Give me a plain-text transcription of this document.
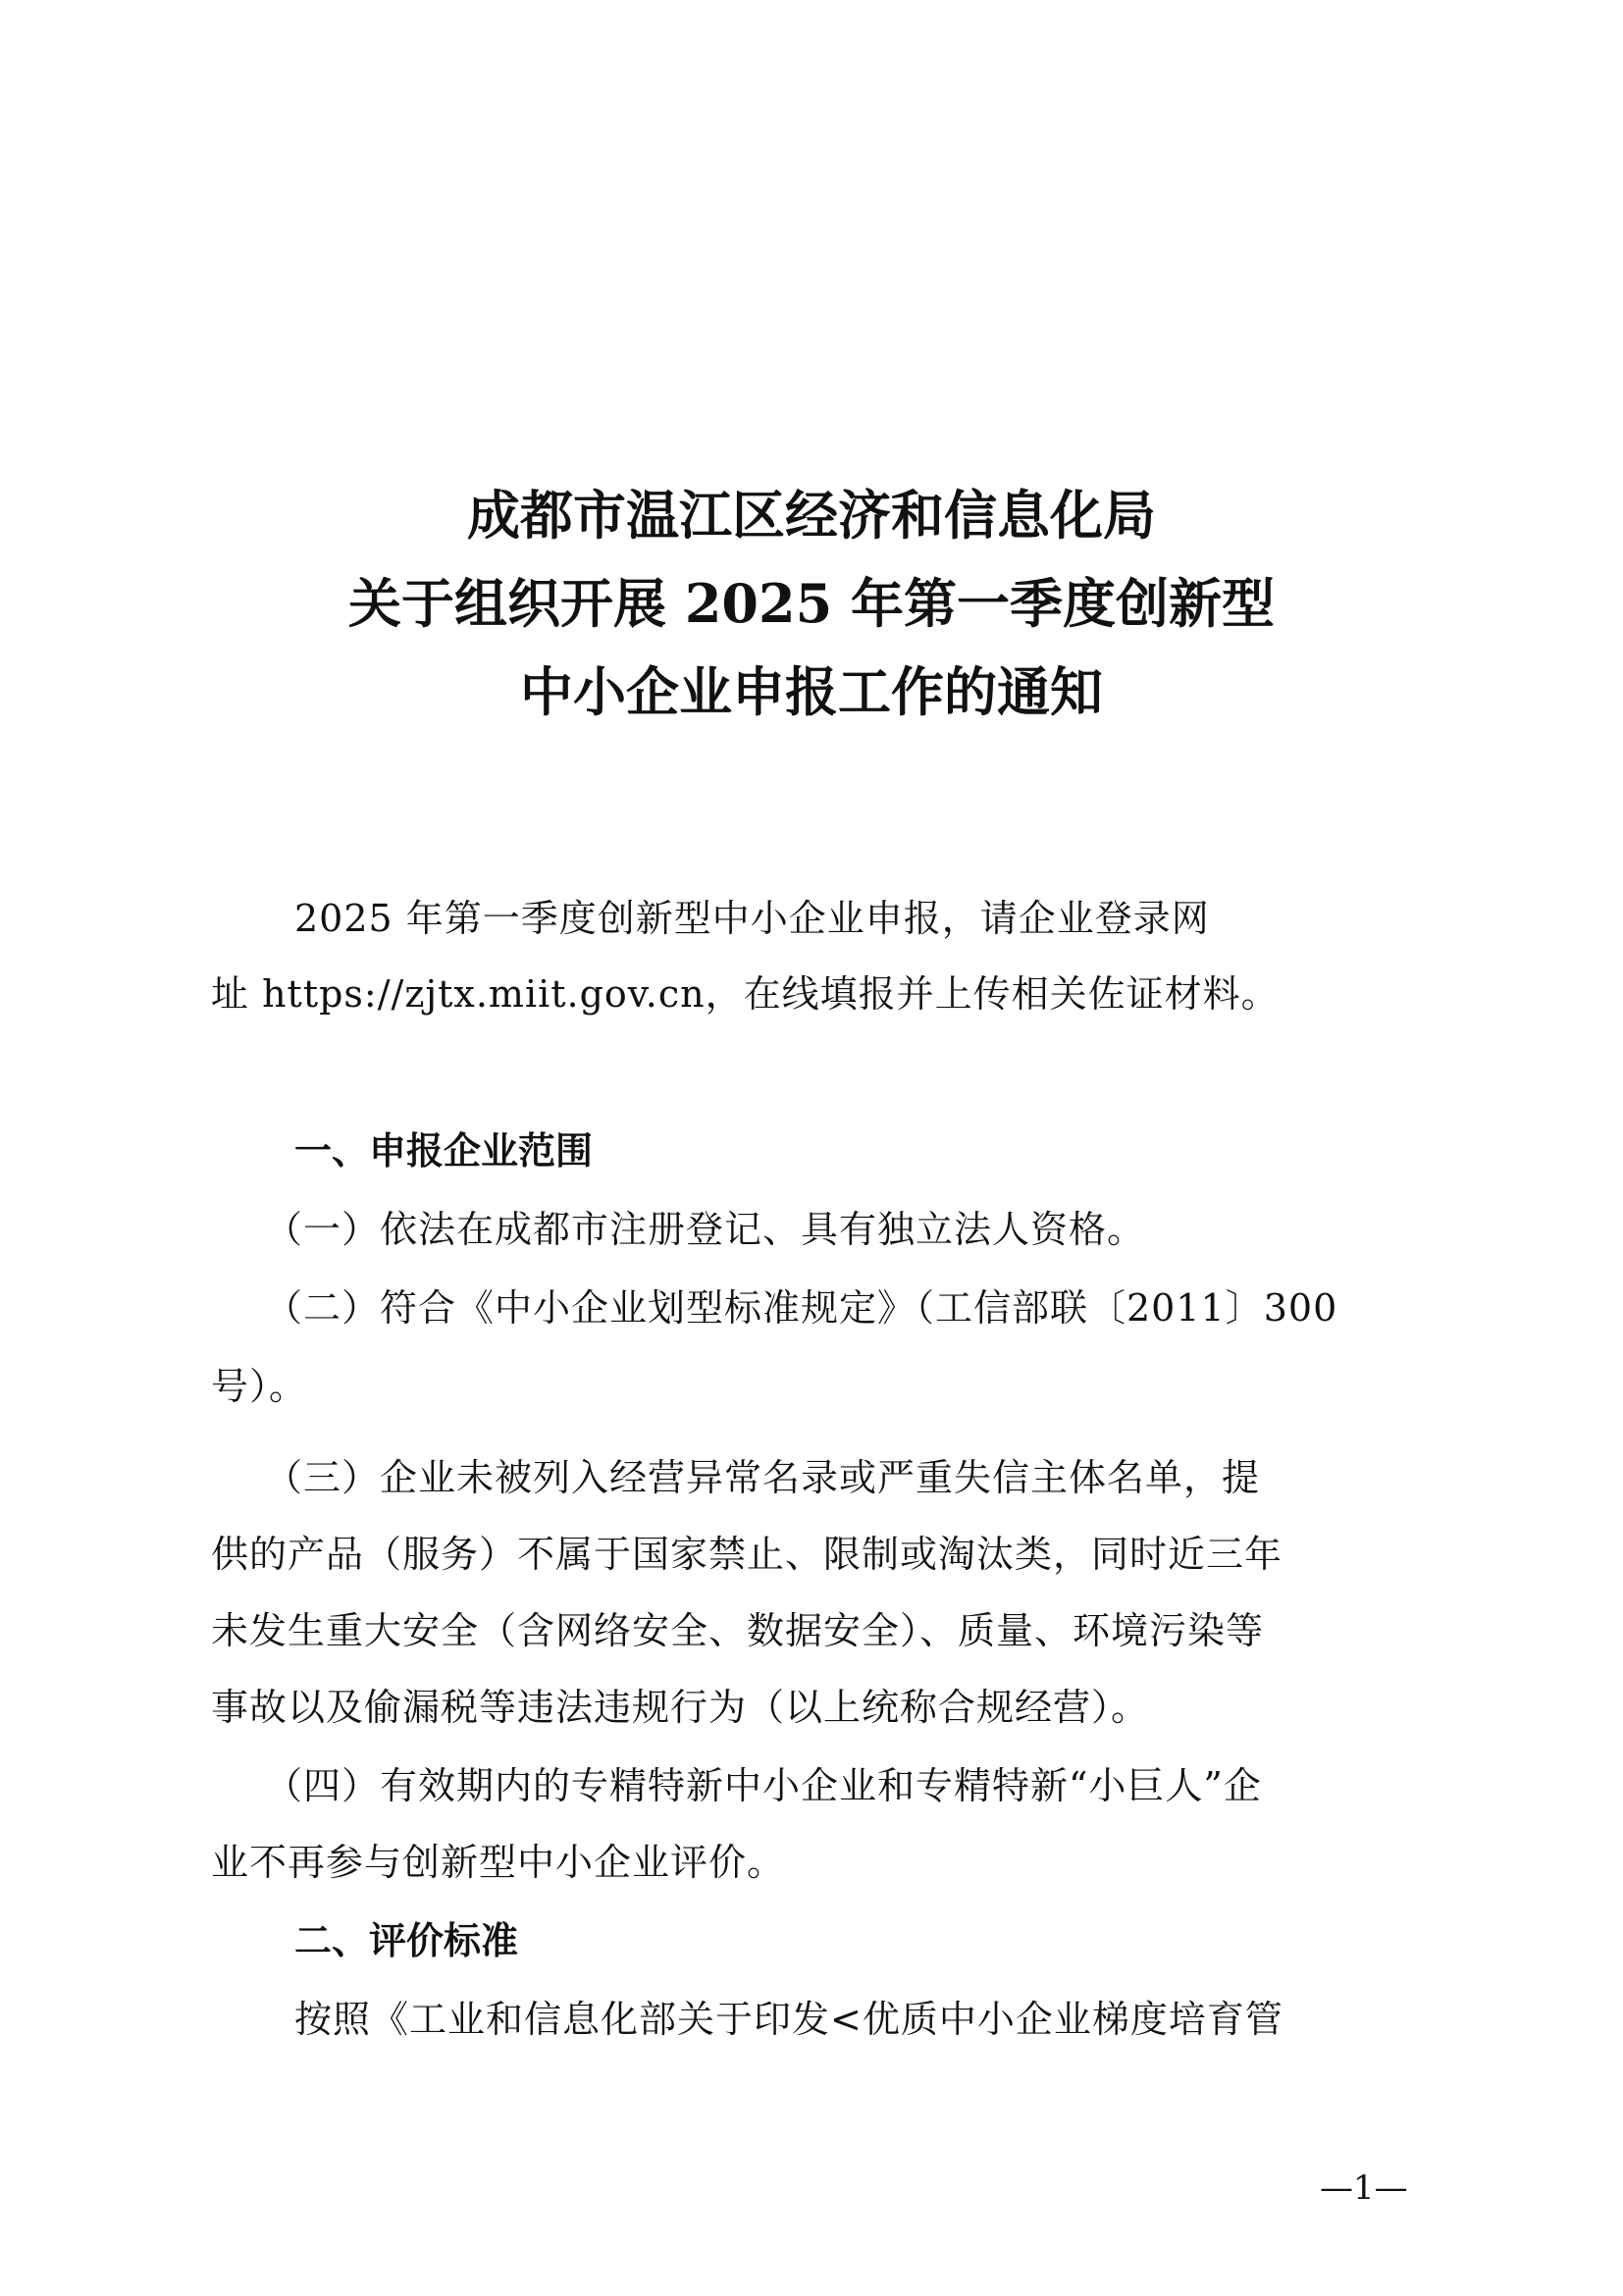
成都市温江区经济和信息化局
关于组织开展 2025 年第一季度创新型
中小企业申报工作的通知
2025 年第一季度创新型中小企业申报，请企业登录网
址 https://zjtx.miit.gov.cn，在线填报并上传相关佐证材料。
一、申报企业范围
（一）依法在成都市注册登记、具有独立法人资格。
（二）符合《中小企业划型标准规定》（工信部联〔2011〕300
号）。
（三）企业未被列入经营异常名录或严重失信主体名单，提
供的产品（服务）不属于国家禁止、限制或淘汰类，同时近三年
未发生重大安全（含网络安全、数据安全）、质量、环境污染等
事故以及偷漏税等违法违规行为（以上统称合规经营）。
（四）有效期内的专精特新中小企业和专精特新“小巨人”企
业不再参与创新型中小企业评价。
二、评价标准
按照《工业和信息化部关于印发<优质中小企业梯度培育管
—1—
